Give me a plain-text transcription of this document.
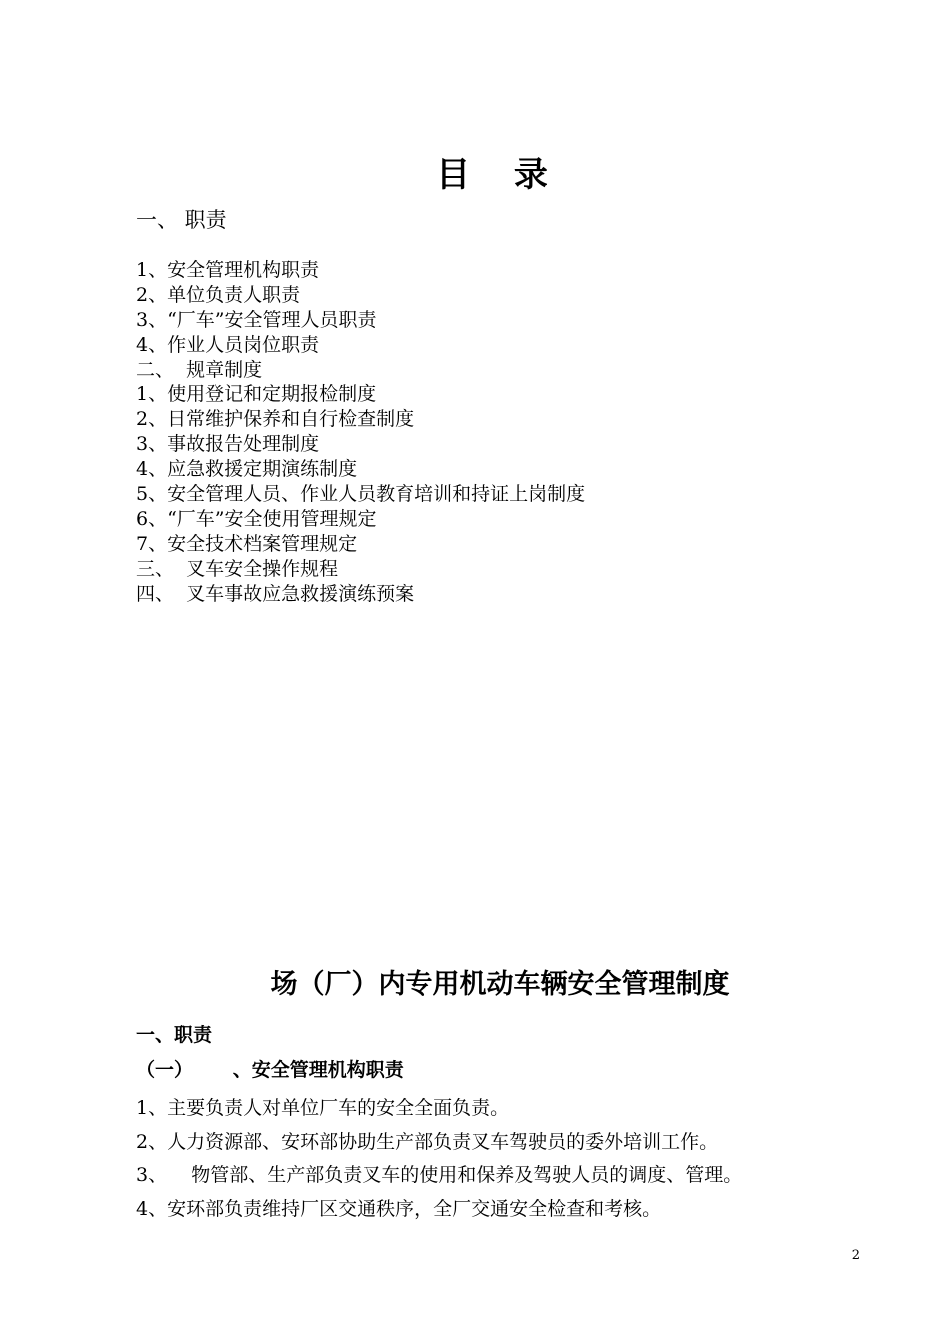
目 录
一、 职责
1、安全管理机构职责
2、单位负责人职责
3、“厂车”安全管理人员职责
4、作业人员岗位职责
二、  规章制度
1、使用登记和定期报检制度
2、日常维护保养和自行检查制度
3、事故报告处理制度
4、应急救援定期演练制度
5、安全管理人员、作业人员教育培训和持证上岗制度
6、“厂车”安全使用管理规定
7、安全技术档案管理规定
三、  叉车安全操作规程
四、  叉车事故应急救援演练预案
场（厂）内专用机动车辆安全管理制度
一、职责
（一）      、安全管理机构职责
1、主要负责人对单位厂车的安全全面负责。
2、人力资源部、安环部协助生产部负责叉车驾驶员的委外培训工作。
3、    物管部、生产部负责叉车的使用和保养及驾驶人员的调度、管理。
4、安环部负责维持厂区交通秩序，全厂交通安全检查和考核。
2
